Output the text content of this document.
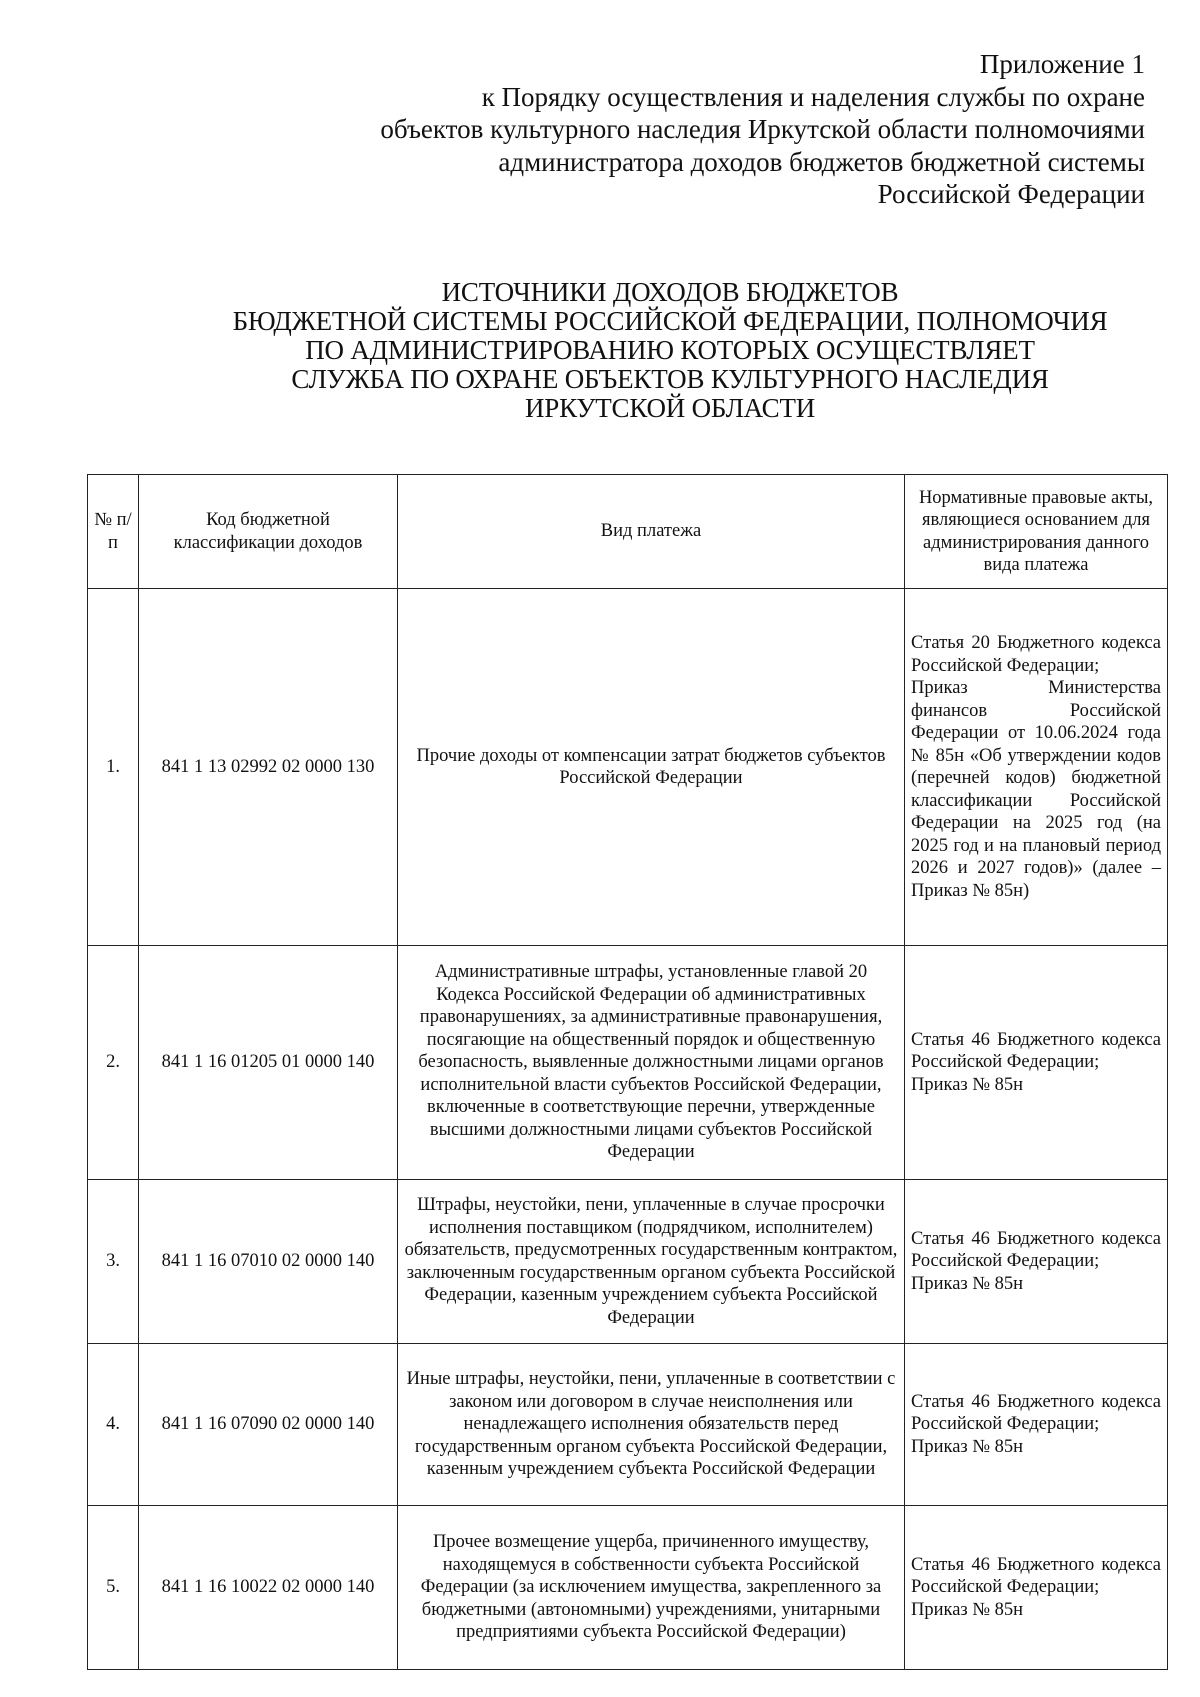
Приложение 1
к Порядку осуществления и наделения службы по охране
объектов культурного наследия Иркутской области полномочиями
администратора доходов бюджетов бюджетной системы
Российской Федерации
ИСТОЧНИКИ ДОХОДОВ БЮДЖЕТОВ
БЮДЖЕТНОЙ СИСТЕМЫ РОССИЙСКОЙ ФЕДЕРАЦИИ, ПОЛНОМОЧИЯ
ПО АДМИНИСТРИРОВАНИЮ КОТОРЫХ ОСУЩЕСТВЛЯЕТ
СЛУЖБА ПО ОХРАНЕ ОБЪЕКТОВ КУЛЬТУРНОГО НАСЛЕДИЯ
ИРКУТСКОЙ ОБЛАСТИ
№ п/п	Код бюджетной классификации доходов	Вид платежа	Нормативные правовые акты, являющиеся основанием для администрирования данного вида платежа
1.	841 1 13 02992 02 0000 130	Прочие доходы от компенсации затрат бюджетов субъектов Российской Федерации	Статья 20 Бюджетного кодекса Российской Федерации;
Приказ Министерства финансов Российской Федерации от 10.06.2024 года № 85н «Об утверждении кодов (перечней кодов) бюджетной классификации Российской Федерации на 2025 год (на 2025 год и на плановый период 2026 и 2027 годов)» (далее – Приказ № 85н)

2.	841 1 16 01205 01 0000 140	Административные штрафы, установленные главой 20 Кодекса Российской Федерации об административных правонарушениях, за административные правонарушения, посягающие на общественный порядок и общественную безопасность, выявленные должностными лицами органов исполнительной власти субъектов Российской Федерации, включенные в соответствующие перечни, утвержденные высшими должностными лицами субъектов Российской Федерации	Статья 46 Бюджетного кодекса Российской Федерации;
Приказ № 85н

3.	841 1 16 07010 02 0000 140	Штрафы, неустойки, пени, уплаченные в случае просрочки исполнения поставщиком (подрядчиком, исполнителем) обязательств, предусмотренных государственным контрактом, заключенным государственным органом субъекта Российской Федерации, казенным учреждением субъекта Российской Федерации	Статья 46 Бюджетного кодекса Российской Федерации;
Приказ № 85н

4.	841 1 16 07090 02 0000 140	Иные штрафы, неустойки, пени, уплаченные в соответствии с законом или договором в случае неисполнения или ненадлежащего исполнения обязательств перед государственным органом субъекта Российской Федерации, казенным учреждением субъекта Российской Федерации	Статья 46 Бюджетного кодекса Российской Федерации;
Приказ № 85н

5.	841 1 16 10022 02 0000 140	Прочее возмещение ущерба, причиненного имуществу, находящемуся в собственности субъекта Российской Федерации (за исключением имущества, закрепленного за бюджетными (автономными) учреждениями, унитарными предприятиями субъекта Российской Федерации)	Статья 46 Бюджетного кодекса Российской Федерации;
Приказ № 85н
